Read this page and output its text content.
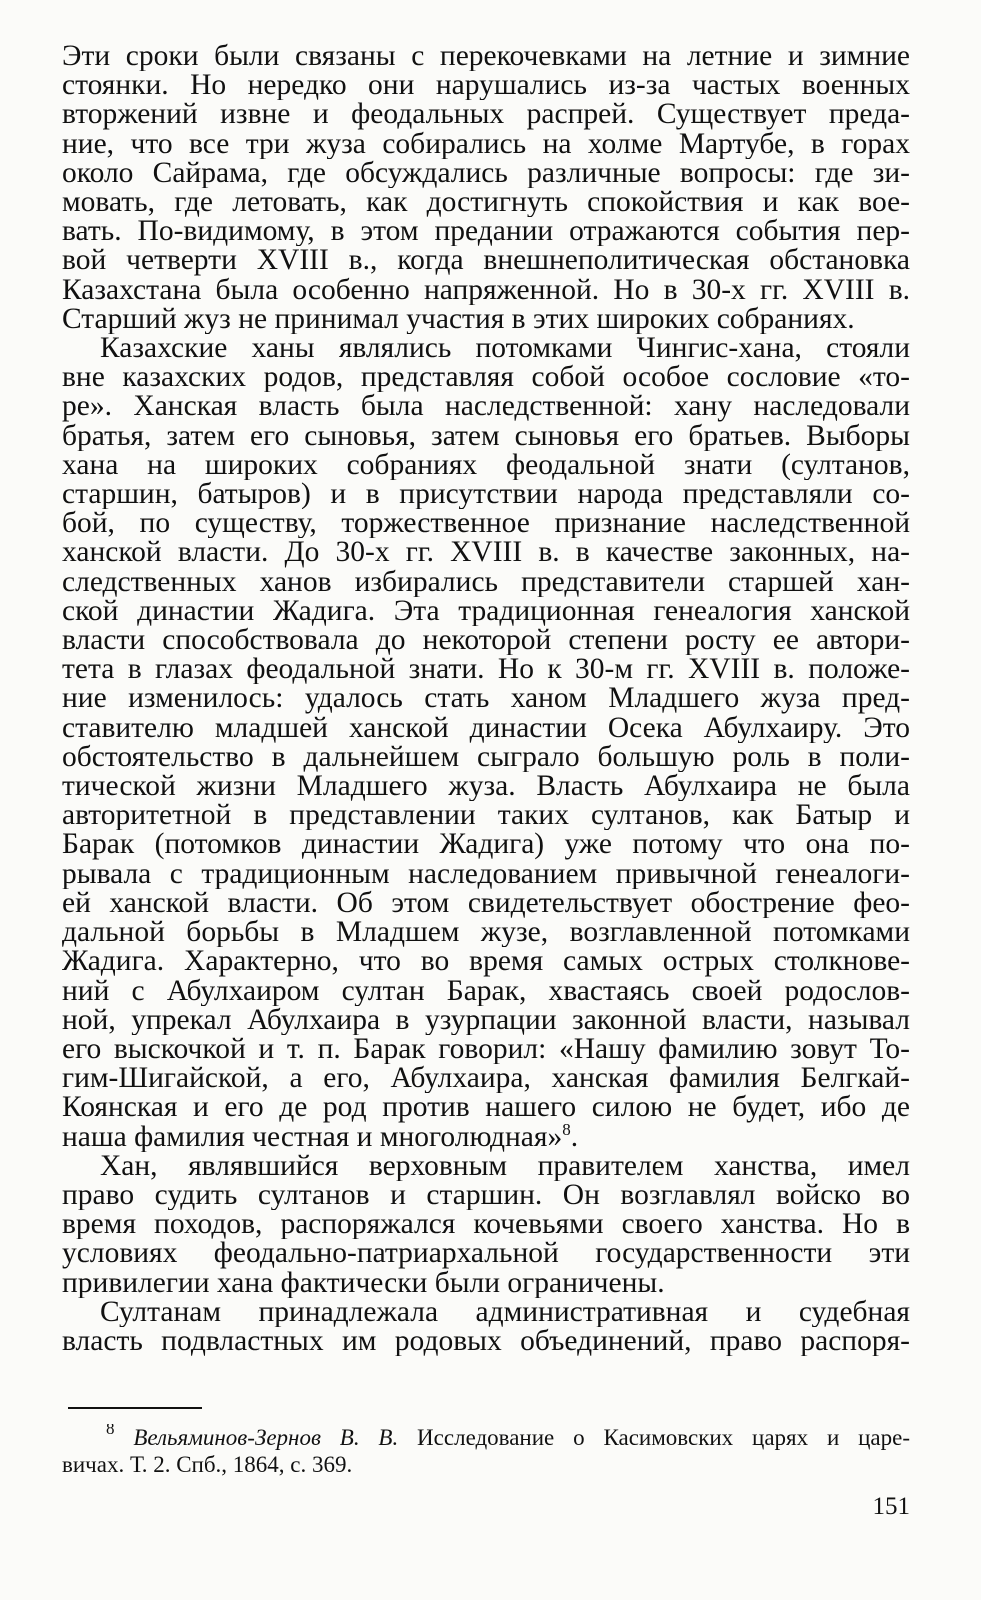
Эти сроки были связаны с перекочевками на летние и зимние
стоянки. Но нередко они нарушались из-за частых военных
вторжений извне и феодальных распрей. Существует преда-
ние, что все три жуза собирались на холме Мартубе, в горах
около Сайрама, где обсуждались различные вопросы: где зи-
мовать, где летовать, как достигнуть спокойствия и как вое-
вать. По-видимому, в этом предании отражаются события пер-
вой четверти XVIII в., когда внешнеполитическая обстановка
Казахстана была особенно напряженной. Но в 30-х гг. XVIII в.
Старший жуз не принимал участия в этих широких собраниях.
Казахские ханы являлись потомками Чингис-хана, стояли
вне казахских родов, представляя собой особое сословие «то-
ре». Ханская власть была наследственной: хану наследовали
братья, затем его сыновья, затем сыновья его братьев. Выборы
хана на широких собраниях феодальной знати (султанов,
старшин, батыров) и в присутствии народа представляли со-
бой, по существу, торжественное признание наследственной
ханской власти. До 30-х гг. XVIII в. в качестве законных, на-
следственных ханов избирались представители старшей хан-
ской династии Жадига. Эта традиционная генеалогия ханской
власти способствовала до некоторой степени росту ее автори-
тета в глазах феодальной знати. Но к 30-м гг. XVIII в. положе-
ние изменилось: удалось стать ханом Младшего жуза пред-
ставителю младшей ханской династии Осека Абулхаиру. Это
обстоятельство в дальнейшем сыграло большую роль в поли-
тической жизни Младшего жуза. Власть Абулхаира не была
авторитетной в представлении таких султанов, как Батыр и
Барак (потомков династии Жадига) уже потому что она по-
рывала с традиционным наследованием привычной генеалоги-
ей ханской власти. Об этом свидетельствует обострение фео-
дальной борьбы в Младшем жузе, возглавленной потомками
Жадига. Характерно, что во время самых острых столкнове-
ний с Абулхаиром султан Барак, хвастаясь своей родослов-
ной, упрекал Абулхаира в узурпации законной власти, называл
его выскочкой и т. п. Барак говорил: «Нашу фамилию зовут То-
гим-Шигайской, а его, Абулхаира, ханская фамилия Белгкай-
Коянская и его де род против нашего силою не будет, ибо де
наша фамилия честная и многолюдная»$^8$.
Хан, являвшийся верховным правителем ханства, имел
право судить султанов и старшин. Он возглавлял войско во
время походов, распоряжался кочевьями своего ханства. Но в
условиях феодально-патриархальной государственности эти
привилегии хана фактически были ограничены.
Султанам принадлежала административная и судебная
власть подвластных им родовых объединений, право распоря-
$^8$ Вельяминов-Зернов В. В. Исследование о Касимовских царях и царе-
вичах. Т. 2. Спб., 1864, с. 369.
151
